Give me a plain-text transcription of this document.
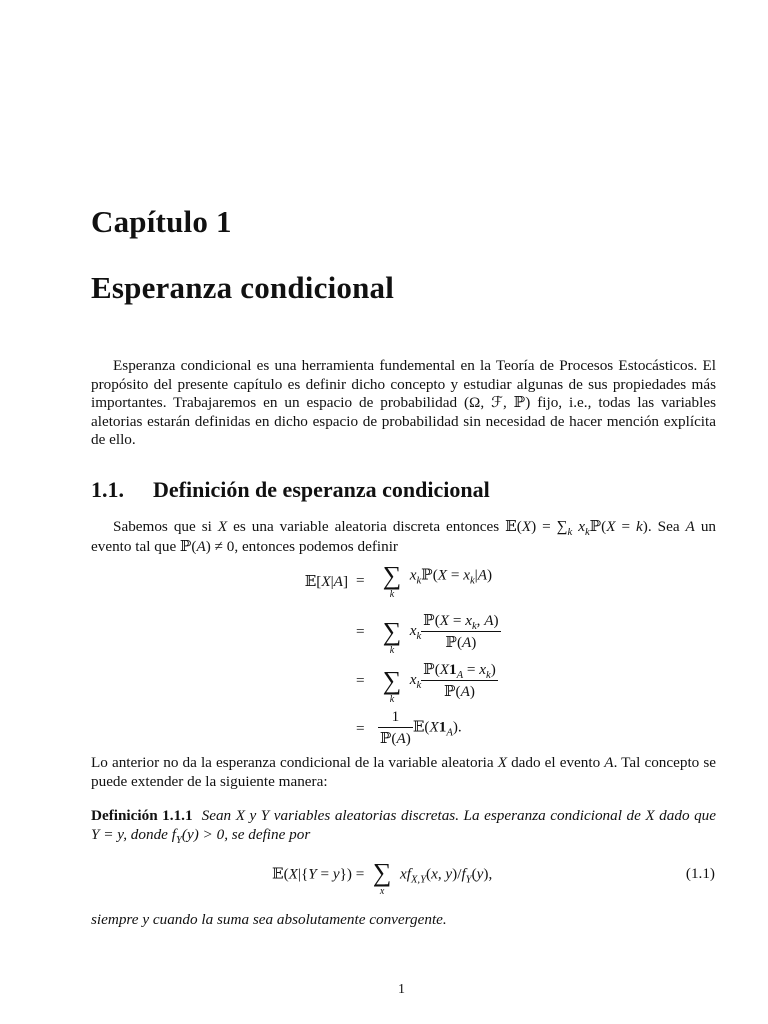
Capítulo 1
Esperanza condicional

Esperanza condicional es una herramienta fundemental en la Teoría de Procesos Estocásticos. El propósito del presente capítulo es definir dicho concepto y estudiar algunas de sus propiedades más importantes. Trabajaremos en un espacio de probabilidad (Ω, ℱ, ℙ) fijo, i.e., todas las variables aletorias estarán definidas en dicho espacio de probabilidad sin necesidad de hacer mención explícita de ello.

1.1. Definición de esperanza condicional

Sabemos que si X es una variable aleatoria discreta entonces 𝔼(X) = $\sum_k$ $x_kℙ(X = k)$. Sea A un evento tal que ℙ(A) ≠ 0, entonces podemos definir

𝔼[X|A] = ∑
k
$x_kℙ(X = x_k|A)$
= ∑
k
$x_k \frac{ℙ(X = x_k, A)}{\text{ℙ(A)}}$
= ∑
k
$x_k \frac{ℙ(X1_A = x_k)}{\text{ℙ(A)}}$
= $\frac{1}{\text{ℙ(A)}}$ $𝔼(X1_A)$.

Lo anterior no da la esperanza condicional de la variable aleatoria X dado el evento A. Tal concepto se puede extender de la siguiente manera:

Definición 1.1.1 Sean X y Y variables aleatorias discretas. La esperanza condicional de X dado que Y = y, donde $f_Y(y) > 0$, se define por

𝔼(X|{Y = y}) = ∑
x
$xf_{X,Y}(x$, $y)/f_Y(y)$,	(1.1)
siempre y cuando la suma sea absolutamente convergente.
1
